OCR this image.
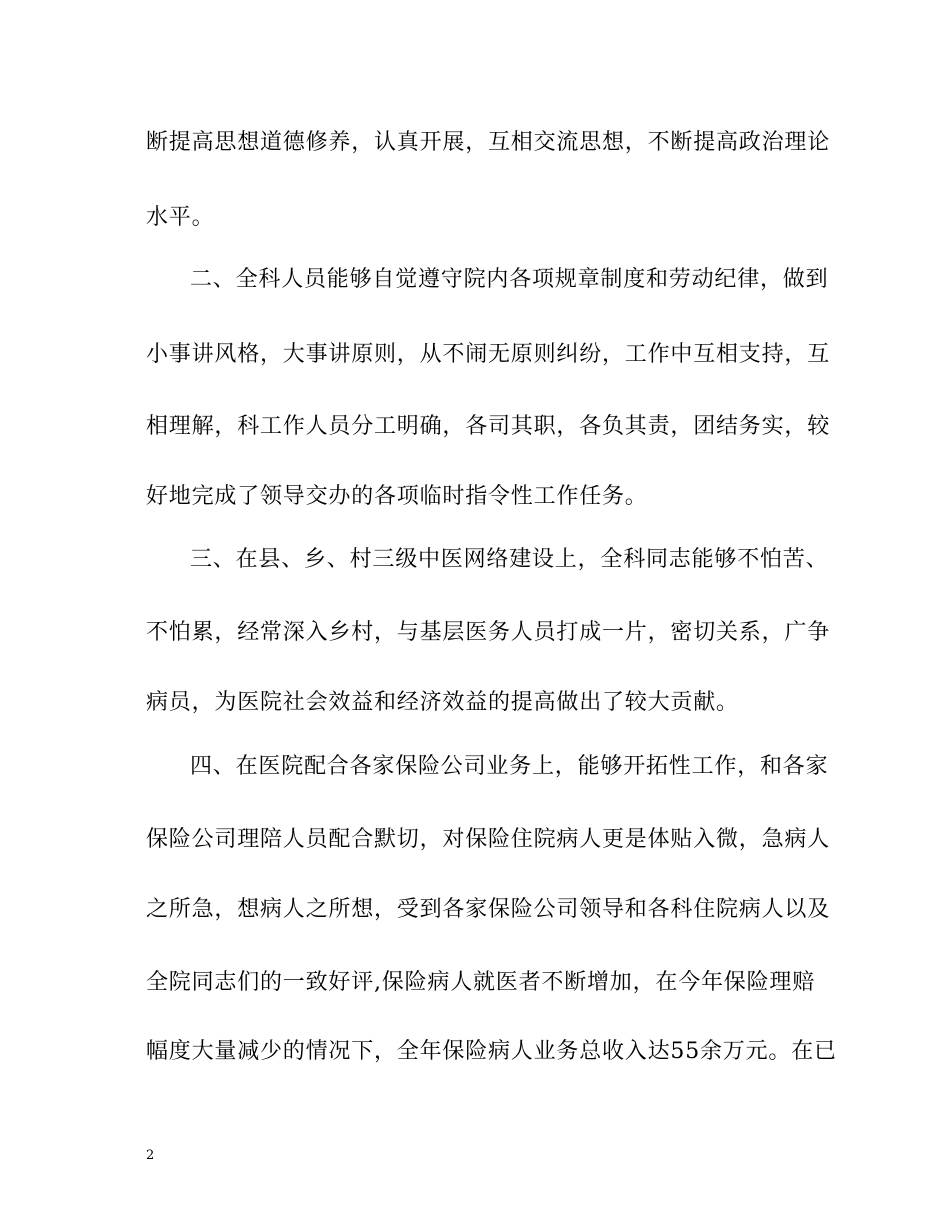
断提高思想道德修养，认真开展，互相交流思想，不断提高政治理论
水平。
二、全科人员能够自觉遵守院内各项规章制度和劳动纪律，做到
小事讲风格，大事讲原则，从不闹无原则纠纷，工作中互相支持，互
相理解，科工作人员分工明确，各司其职，各负其责，团结务实，较
好地完成了领导交办的各项临时指令性工作任务。
三、在县、乡、村三级中医网络建设上，全科同志能够不怕苦、
不怕累，经常深入乡村，与基层医务人员打成一片，密切关系，广争
病员，为医院社会效益和经济效益的提高做出了较大贡献。
四、在医院配合各家保险公司业务上，能够开拓性工作，和各家
保险公司理陪人员配合默切，对保险住院病人更是体贴入微，急病人
之所急，想病人之所想，受到各家保险公司领导和各科住院病人以及
全院同志们的一致好评,保险病人就医者不断增加，在今年保险理赔
幅度大量减少的情况下，全年保险病人业务总收入达55余万元。在已
2
